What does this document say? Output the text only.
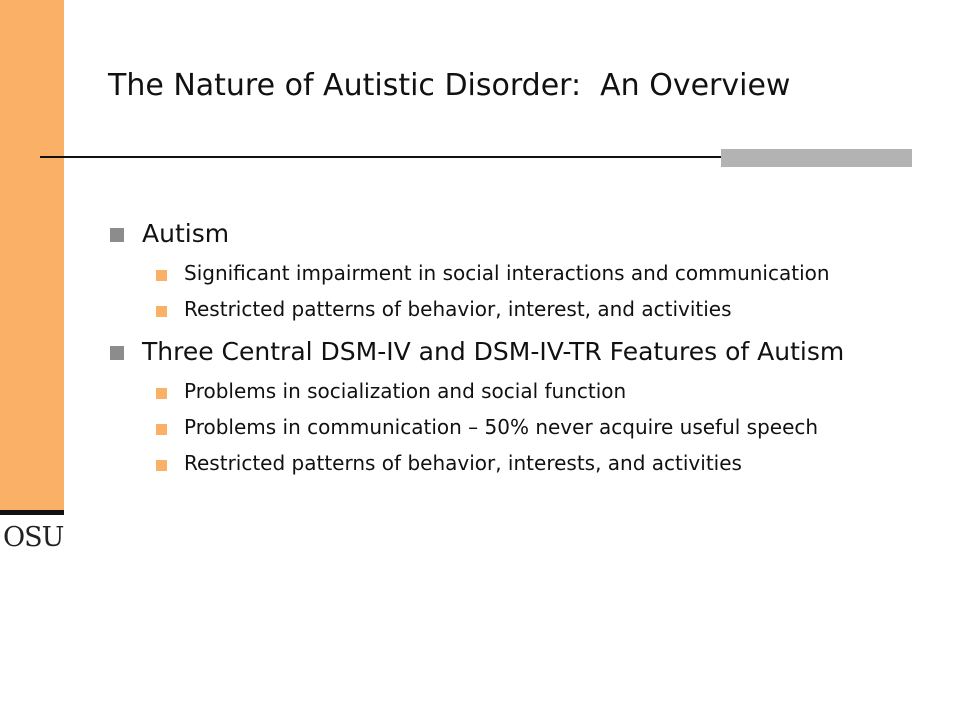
OSU
The Nature of Autistic Disorder:  An Overview
Autism
Significant impairment in social interactions and communication
Restricted patterns of behavior, interest, and activities
Three Central DSM-IV and DSM-IV-TR Features of Autism
Problems in socialization and social function
Problems in communication – 50% never acquire useful speech
Restricted patterns of behavior, interests, and activities
